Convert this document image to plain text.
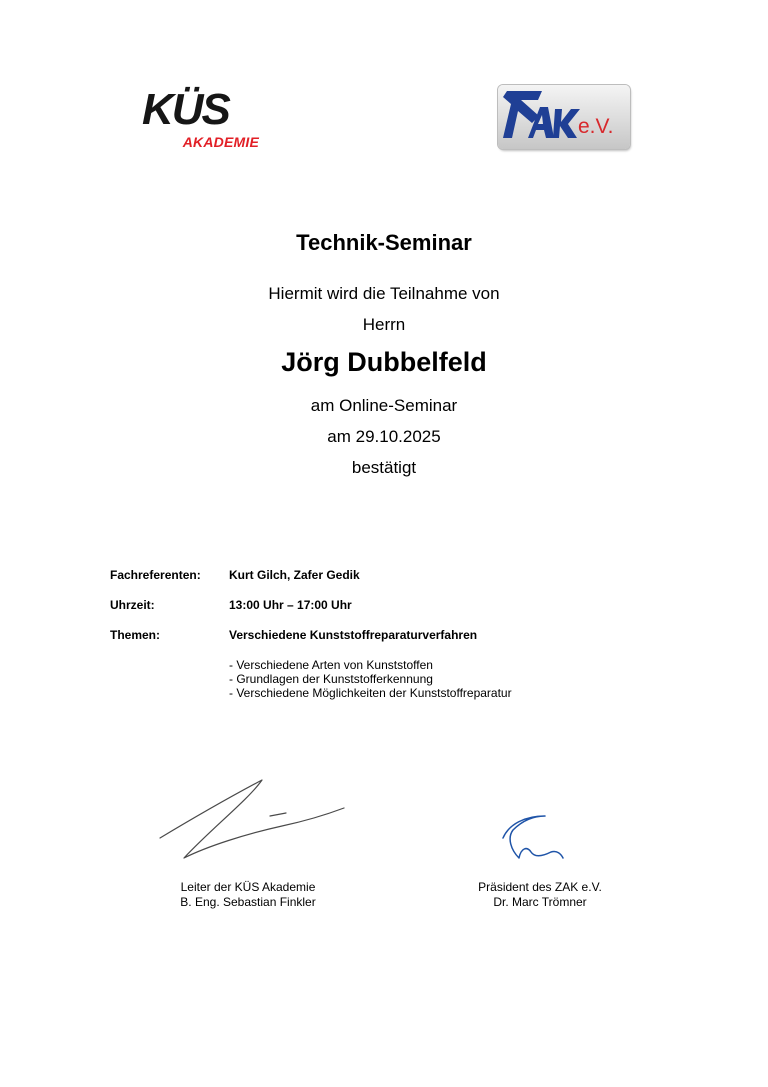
KÜS
AKADEMIE
e.V.
Technik-Seminar
Hiermit wird die Teilnahme von
Herrn
Jörg Dubbelfeld
am Online-Seminar
am 29.10.2025
bestätigt
Fachreferenten: Kurt Gilch, Zafer Gedik
Uhrzeit:	13:00 Uhr – 17:00 Uhr
Themen:	Verschiedene Kunststoffreparaturverfahren
- Verschiedene Arten von Kunststoffen
- Grundlagen der Kunststofferkennung
- Verschiedene Möglichkeiten der Kunststoffreparatur
Leiter der KÜS Akademie
B. Eng. Sebastian Finkler
Präsident des ZAK e.V.
Dr. Marc Trömner
